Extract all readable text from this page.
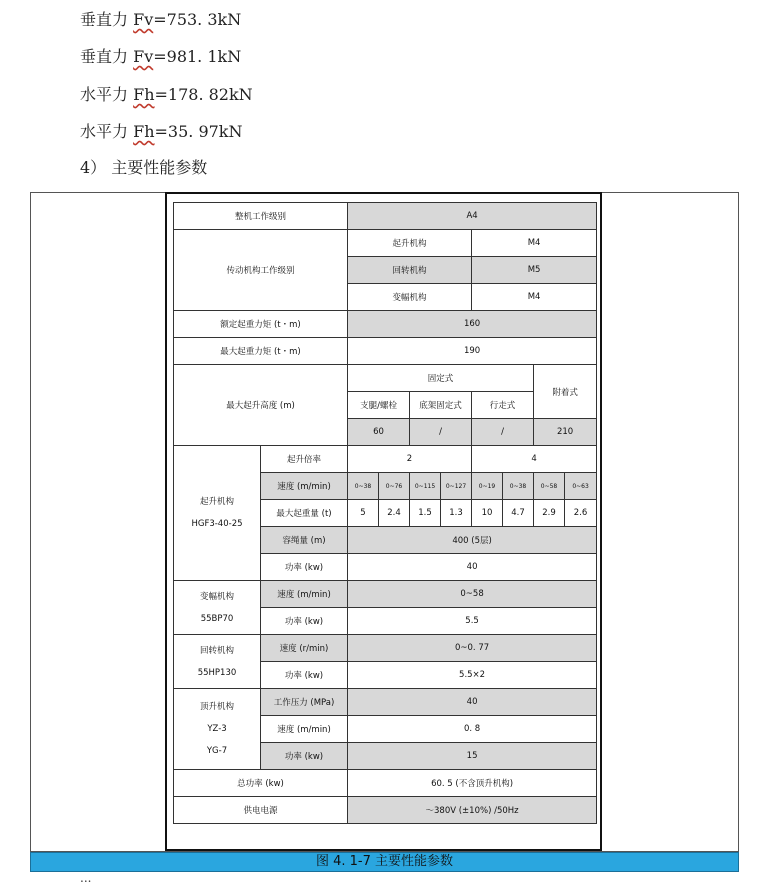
垂直力 Fv=753. 3kN
垂直力 Fv=981. 1kN
水平力 Fh=178. 82kN
水平力 Fh=35. 97kN
4） 主要性能参数
整机工作级别		A4							
传动机构工作级别		起升机构				M4			
		回转机构				M5			
		变幅机构				M4			
额定起重力矩 (t・m)		160							
最大起重力矩 (t・m)		190							
最大起升高度 (m)		固定式						附着式	
		支腿/螺栓		底架固定式		行走式			
		60		/		/		210	
起升机构
HGF3-40-25	起升倍率	2				4			
	速度 (m/min)	0~38	0~76	0~115	0~127	0~19	0~38	0~58	0~63
	最大起重量 (t)	5	2.4	1.5	1.3	10	4.7	2.9	2.6
	容绳量 (m)	400 (5层)							
	功率 (kw)	40							
变幅机构
55BP70	速度 (m/min)	0~58							
	功率 (kw)	5.5							
回转机构
55HP130	速度 (r/min)	0~0. 77							
	功率 (kw)	5.5×2							
顶升机构
YZ-3
YG-7	工作压力 (MPa)	40							
	速度 (m/min)	0. 8							
	功率 (kw)	15							
总功率 (kw)		60. 5 (不含顶升机构)							
供电电源		～380V (±10%) /50Hz							
图 4. 1-7 主要性能参数
...
